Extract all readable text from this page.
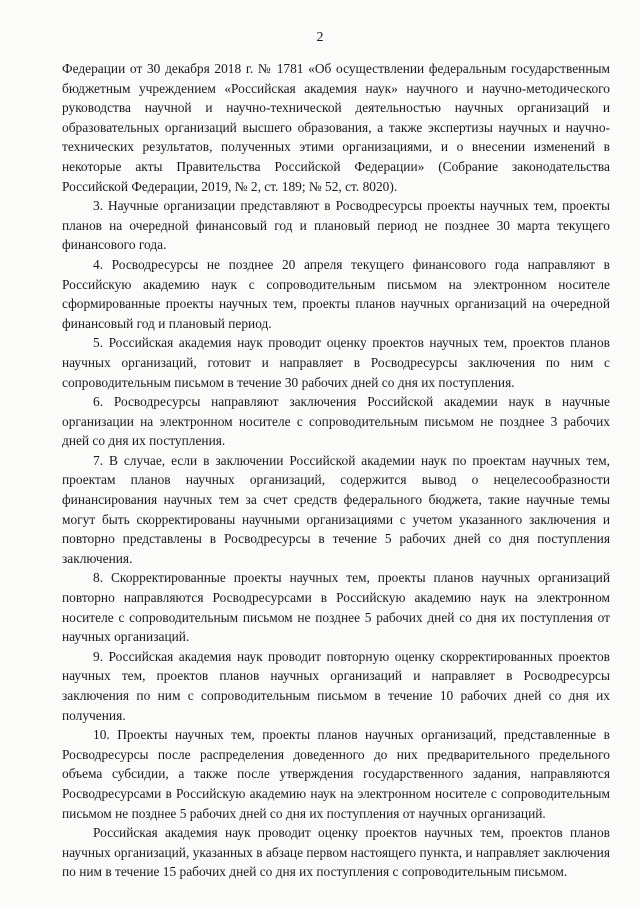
2

Федерации от 30 декабря 2018 г. № 1781 «Об осуществлении федеральным государственным бюджетным учреждением «Российская академия наук» научного и научно-методического руководства научной и научно-технической деятельностью научных организаций и образовательных организаций высшего образования, а также экспертизы научных и научно-технических результатов, полученных этими организациями, и о внесении изменений в некоторые акты Правительства Российской Федерации» (Собрание законодательства Российской Федерации, 2019, № 2, ст. 189; № 52, ст. 8020).

3. Научные организации представляют в Росводресурсы проекты научных тем, проекты планов на очередной финансовый год и плановый период не позднее 30 марта текущего финансового года.

4. Росводресурсы не позднее 20 апреля текущего финансового года направляют в Российскую академию наук с сопроводительным письмом на электронном носителе сформированные проекты научных тем, проекты планов научных организаций на очередной финансовый год и плановый период.

5. Российская академия наук проводит оценку проектов научных тем, проектов планов научных организаций, готовит и направляет в Росводресурсы заключения по ним с сопроводительным письмом в течение 30 рабочих дней со дня их поступления.

6. Росводресурсы направляют заключения Российской академии наук в научные организации на электронном носителе с сопроводительным письмом не позднее 3 рабочих дней со дня их поступления.

7. В случае, если в заключении Российской академии наук по проектам научных тем, проектам планов научных организаций, содержится вывод о нецелесообразности финансирования научных тем за счет средств федерального бюджета, такие научные темы могут быть скорректированы научными организациями с учетом указанного заключения и повторно представлены в Росводресурсы в течение 5 рабочих дней со дня поступления заключения.

8. Скорректированные проекты научных тем, проекты планов научных организаций повторно направляются Росводресурсами в Российскую академию наук на электронном носителе с сопроводительным письмом не позднее 5 рабочих дней со дня их поступления от научных организаций.

9. Российская академия наук проводит повторную оценку скорректированных проектов научных тем, проектов планов научных организаций и направляет в Росводресурсы заключения по ним с сопроводительным письмом в течение 10 рабочих дней со дня их получения.

10. Проекты научных тем, проекты планов научных организаций, представленные в Росводресурсы после распределения доведенного до них предварительного предельного объема субсидии, а также после утверждения государственного задания, направляются Росводресурсами в Российскую академию наук на электронном носителе с сопроводительным письмом не позднее 5 рабочих дней со дня их поступления от научных организаций.

Российская академия наук проводит оценку проектов научных тем, проектов планов научных организаций, указанных в абзаце первом настоящего пункта, и направляет заключения по ним в течение 15 рабочих дней со дня их поступления с сопроводительным письмом.
